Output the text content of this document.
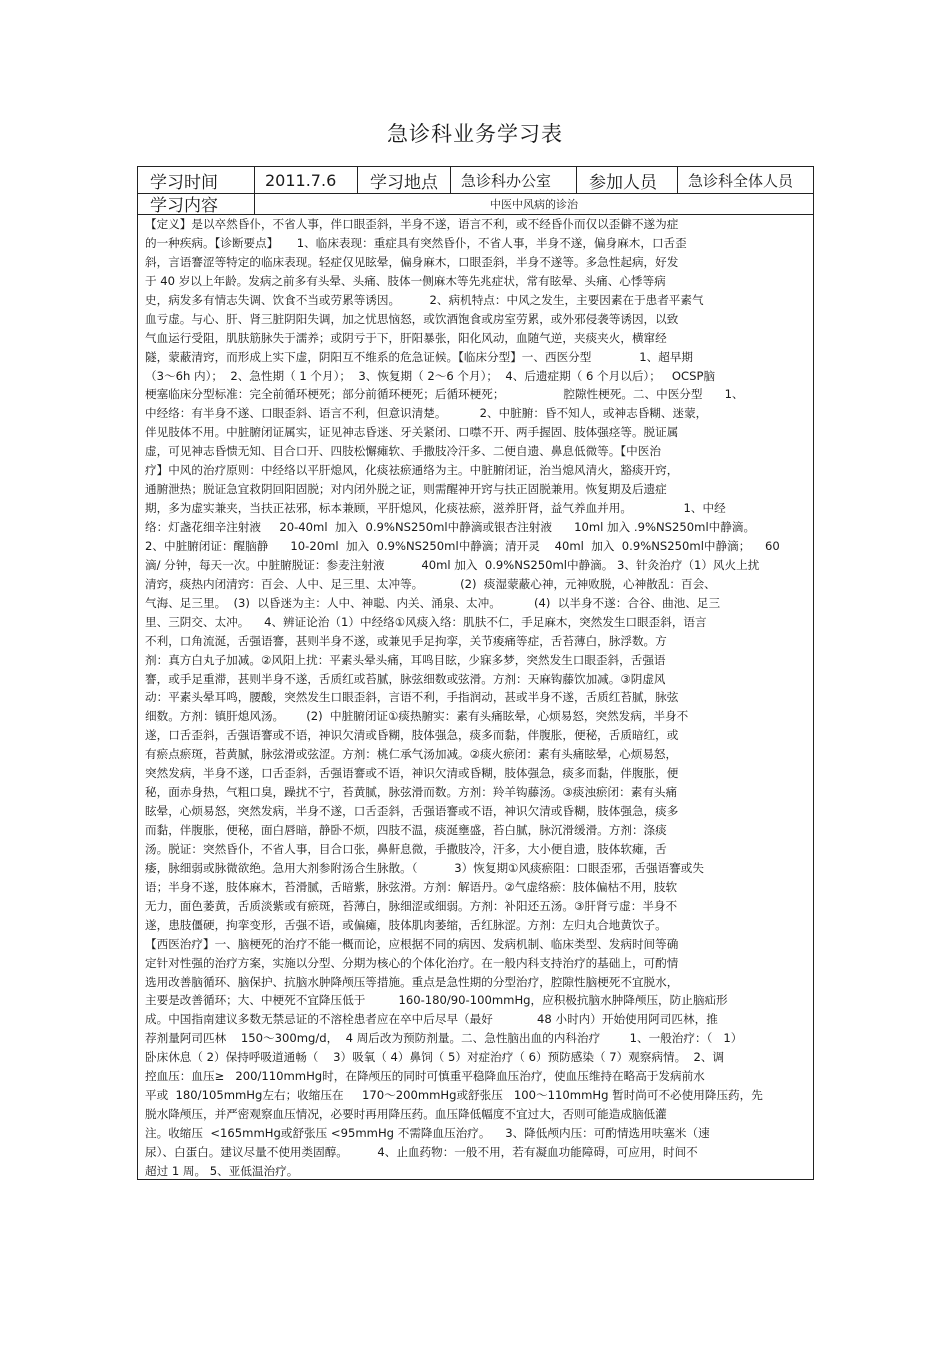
急诊科业务学习表
学习时间	2011.7.6	学习地点	急诊科办公室	参加人员	急诊科全体人员
学习内容	中医中风病的诊治
【定义】是以卒然昏仆，不省人事，伴口眼歪斜，半身不遂，语言不利，或不经昏仆而仅以歪僻不遂为症
的一种疾病。【诊断要点】     1、临床表现：重症具有突然昏仆，不省人事，半身不遂，偏身麻木，口舌歪
斜，言语謇涩等特定的临床表现。轻症仅见眩晕，偏身麻木，口眼歪斜，半身不遂等。多急性起病，好发
于 40 岁以上年龄。发病之前多有头晕、头痛、肢体一侧麻木等先兆症状，常有眩晕、头痛、心悸等病
史，病发多有情志失调、饮食不当或劳累等诱因。        2、病机特点：中风之发生，主要因素在于患者平素气
血亏虚。与心、肝、肾三脏阴阳失调，加之忧思恼怒，或饮酒饱食或房室劳累，或外邪侵袭等诱因，以致
气血运行受阻，肌肤筋脉失于濡养；或阴亏于下，肝阳暴张，阳化风动，血随气逆，夹痰夹火，横窜经
隧，蒙蔽清窍，而形成上实下虚，阴阳互不维系的危急证候。【临床分型】一、西医分型             1、超早期
（3～6h 内）；  2、急性期（ 1 个月）；  3、恢复期（ 2～6 个月）；  4、后遗症期（ 6 个月以后）；   OCSP脑
梗塞临床分型标准：完全前循环梗死；部分前循环梗死；后循环梗死；                腔隙性梗死。二、中医分型      1、
中经络：有半身不遂、口眼歪斜、语言不利，但意识清楚。         2、中脏腑：昏不知人，或神志昏糊、迷蒙，
伴见肢体不用。中脏腑闭证属实，证见神志昏迷、牙关紧闭、口噤不开、两手握固、肢体强痉等。脱证属
虚，可见神志昏愦无知、目合口开、四肢松懈瘫软、手撒肢冷汗多、二便自遗、鼻息低微等。【中医治
疗】中风的治疗原则：中经络以平肝熄风，化痰祛瘀通络为主。中脏腑闭证，治当熄风清火，豁痰开窍，
通腑泄热；脱证急宜救阴回阳固脱；对内闭外脱之证，则需醒神开窍与扶正固脱兼用。恢复期及后遗症
期，多为虚实兼夹，当扶正祛邪，标本兼顾，平肝熄风，化痰祛瘀，滋养肝肾，益气养血并用。              1、中经
络：灯盏花细辛注射液     20-40ml  加入  0.9%NS250ml中静滴或银杏注射液      10ml 加入 .9%NS250ml中静滴。
2、中脏腑闭证：醒脑静      10-20ml  加入  0.9%NS250ml中静滴；清开灵    40ml  加入  0.9%NS250ml中静滴；    60
滴/ 分钟，每天一次。中脏腑脱证：参麦注射液          40ml 加入  0.9%NS250ml中静滴。 3、针灸治疗（1）风火上扰
清窍，痰热内闭清窍：百会、人中、足三里、太冲等。          (2)  痰湿蒙蔽心神，元神败脱，心神散乱：百会、
气海、足三里。  (3)  以昏迷为主：人中、神聪、内关、涌泉、太冲。         (4)  以半身不遂：合谷、曲池、足三
里、三阴交、太冲。    4、辨证论治（1）中经络①风痰入络：肌肤不仁，手足麻木，突然发生口眼歪斜，语言
不利，口角流涎，舌强语謇，甚则半身不遂，或兼见手足拘挛，关节痠痛等症，舌苔薄白，脉浮数。方
剂：真方白丸子加减。②风阳上扰：平素头晕头痛，耳鸣目眩，少寐多梦，突然发生口眼歪斜，舌强语
謇，或手足重滞，甚则半身不遂，舌质红或苔腻，脉弦细数或弦滑。方剂：天麻钩藤饮加减。③阴虚风
动：平素头晕耳鸣，腰酸，突然发生口眼歪斜，言语不利，手指润动，甚或半身不遂，舌质红苔腻，脉弦
细数。方剂：镇肝熄风汤。      (2)  中脏腑闭证①痰热腑实：素有头痛眩晕，心烦易怒，突然发病，半身不
遂，口舌歪斜，舌强语謇或不语，神识欠清或昏糊，肢体强急，痰多而黏，伴腹胀，便秘，舌质暗红，或
有瘀点瘀斑，苔黄腻，脉弦滑或弦涩。方剂：桃仁承气汤加减。②痰火瘀闭：素有头痛眩晕，心烦易怒，
突然发病，半身不遂，口舌歪斜，舌强语謇或不语，神识欠清或昏糊，肢体强急，痰多而黏，伴腹胀，便
秘，面赤身热，气粗口臭，躁扰不宁，苔黄腻，脉弦滑而数。方剂：羚羊钩藤汤。③痰浊瘀闭：素有头痛
眩晕，心烦易怒，突然发病，半身不遂，口舌歪斜，舌强语謇或不语，神识欠清或昏糊，肢体强急，痰多
而黏，伴腹胀，便秘，面白唇暗，静卧不烦，四肢不温，痰涎壅盛，苔白腻，脉沉滑缓滑。方剂：涤痰
汤。脱证：突然昏仆，不省人事，目合口张，鼻鼾息微，手撒肢冷，汗多，大小便自遗，肢体软瘫，舌
痿，脉细弱或脉微欲绝。急用大剂参附汤合生脉散。（          3）恢复期①风痰瘀阻：口眼歪邪，舌强语謇或失
语；半身不遂，肢体麻木，苔滑腻，舌暗紫，脉弦滑。方剂：解语丹。②气虚络瘀：肢体偏枯不用，肢软
无力，面色萎黄，舌质淡紫或有瘀斑，苔薄白，脉细涩或细弱。方剂：补阳还五汤。③肝肾亏虚：半身不
遂，患肢僵硬，拘挛变形，舌强不语，或偏瘫，肢体肌肉萎缩，舌红脉涩。方剂：左归丸合地黄饮子。
【西医治疗】一、脑梗死的治疗不能一概而论，应根据不同的病因、发病机制、临床类型、发病时间等确
定针对性强的治疗方案，实施以分型、分期为核心的个体化治疗。在一般内科支持治疗的基础上，可酌情
选用改善脑循环、脑保护、抗脑水肿降颅压等措施。重点是急性期的分型治疗，腔隙性脑梗死不宜脱水，
主要是改善循环；大、中梗死不宜降压低于         160-180/90-100mmHg，应积极抗脑水肿降颅压，防止脑疝形
成。中国指南建议多数无禁忌证的不溶栓患者应在卒中后尽早（最好            48 小时内）开始使用阿司匹林，推
荐剂量阿司匹林    150～300mg/d，  4 周后改为预防剂量。二、急性脑出血的内科治疗        1、一般治疗：（   1）
卧床休息（ 2）保持呼吸道通畅（    3）吸氧（ 4）鼻饲（ 5）对症治疗（ 6）预防感染（ 7）观察病情。  2、调
控血压：血压≥   200/110mmHg时，在降颅压的同时可慎重平稳降血压治疗，使血压维持在略高于发病前水
平或  180/105mmHg左右；收缩压在     170～200mmHg或舒张压   100～110mmHg 暂时尚可不必使用降压药，先
脱水降颅压，并严密观察血压情况，必要时再用降压药。血压降低幅度不宜过大，否则可能造成脑低灌
注。收缩压  <165mmHg或舒张压 <95mmHg 不需降血压治疗。    3、降低颅内压：可酌情选用呋塞米（速
尿）、白蛋白。建议尽量不使用类固醇。        4、止血药物：一般不用，若有凝血功能障碍，可应用，时间不
超过 1 周。 5、亚低温治疗。
